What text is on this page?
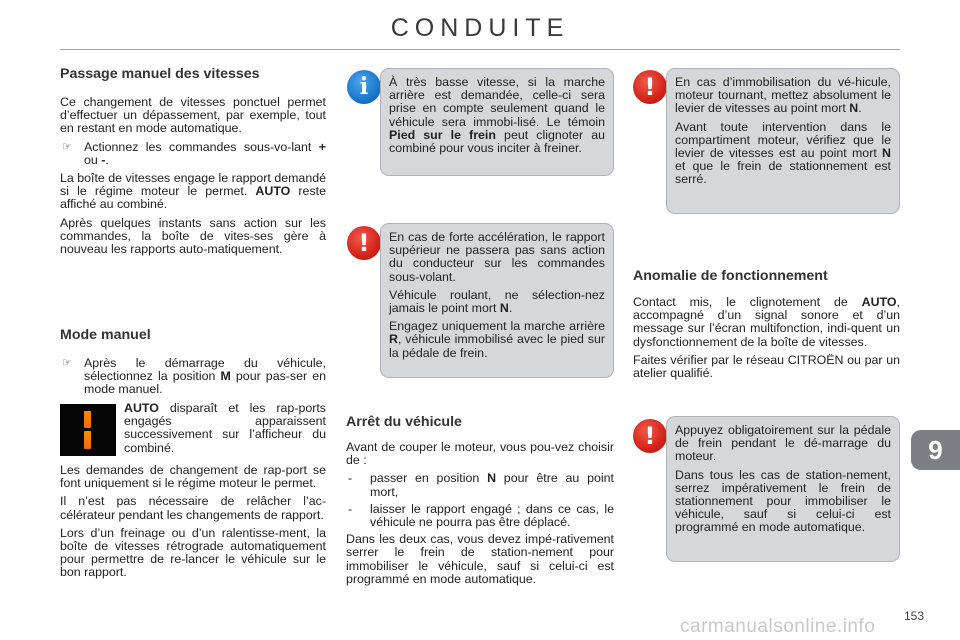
CONDUITE
Passage manuel des vitesses

Ce changement de vitesses ponctuel permet d’effectuer un dépassement, par exemple, tout en restant en mode automatique.

☞ Actionnez les commandes sous-vo-lant + ou -.

La boîte de vitesses engage le rapport demandé si le régime moteur le permet. AUTO reste affiché au combiné.

Après quelques instants sans action sur les commandes, la boîte de vites-ses gère à nouveau les rapports auto-matiquement.

Mode manuel
☞ Après le démarrage du véhicule, sélectionnez la position M pour pas-ser en mode manuel.
AUTO disparaît et les rap-ports engagés apparaissent successivement sur l’afficheur du combiné.

Les demandes de changement de rap-port se font uniquement si le régime moteur le permet.

Il n’est pas nécessaire de relâcher l’ac-célérateur pendant les changements de rapport.

Lors d’un freinage ou d’un ralentisse-ment, la boîte de vitesses rétrograde automatiquement pour permettre de re-lancer le véhicule sur le bon rapport.

i	À très basse vitesse, si la marche arrière est demandée, celle-ci sera prise en compte seulement quand le véhicule sera immobi-lisé. Le témoin Pied sur le frein peut clignoter au combiné pour vous inciter à freiner.

!	En cas de forte accélération, le rapport supérieur ne passera pas sans action du conducteur sur les commandes sous-volant.

Véhicule roulant, ne sélection-nez jamais le point mort N.

Engagez uniquement la marche arrière R, véhicule immobilisé avec le pied sur la pédale de frein.

Arrêt du véhicule

Avant de couper le moteur, vous pou-vez choisir de :

-	passer en position N pour être au point mort,
-	laisser le rapport engagé ; dans ce cas, le véhicule ne pourra pas être déplacé.

Dans les deux cas, vous devez impé-rativement serrer le frein de station-nement pour immobiliser le véhicule, sauf si celui-ci est programmé en mode automatique.

!	En cas d’immobilisation du vé-hicule, moteur tournant, mettez absolument le levier de vitesses au point mort N.

Avant toute intervention dans le compartiment moteur, vérifiez que le levier de vitesses est au point mort N et que le frein de stationnement est serré.

Anomalie de fonctionnement

Contact mis, le clignotement de AUTO, accompagné d’un signal sonore et d’un message sur l’écran multifonction, indi-quent un dysfonctionnement de la boîte de vitesses.

Faites vérifier par le réseau CITROËN ou par un atelier qualifié.

!	Appuyez obligatoirement sur la pédale de frein pendant le dé-marrage du moteur.

Dans tous les cas de station-nement, serrez impérativement le frein de stationnement pour immobiliser le véhicule, sauf si celui-ci est programmé en mode automatique.

9
153
carmanualsonline.info
